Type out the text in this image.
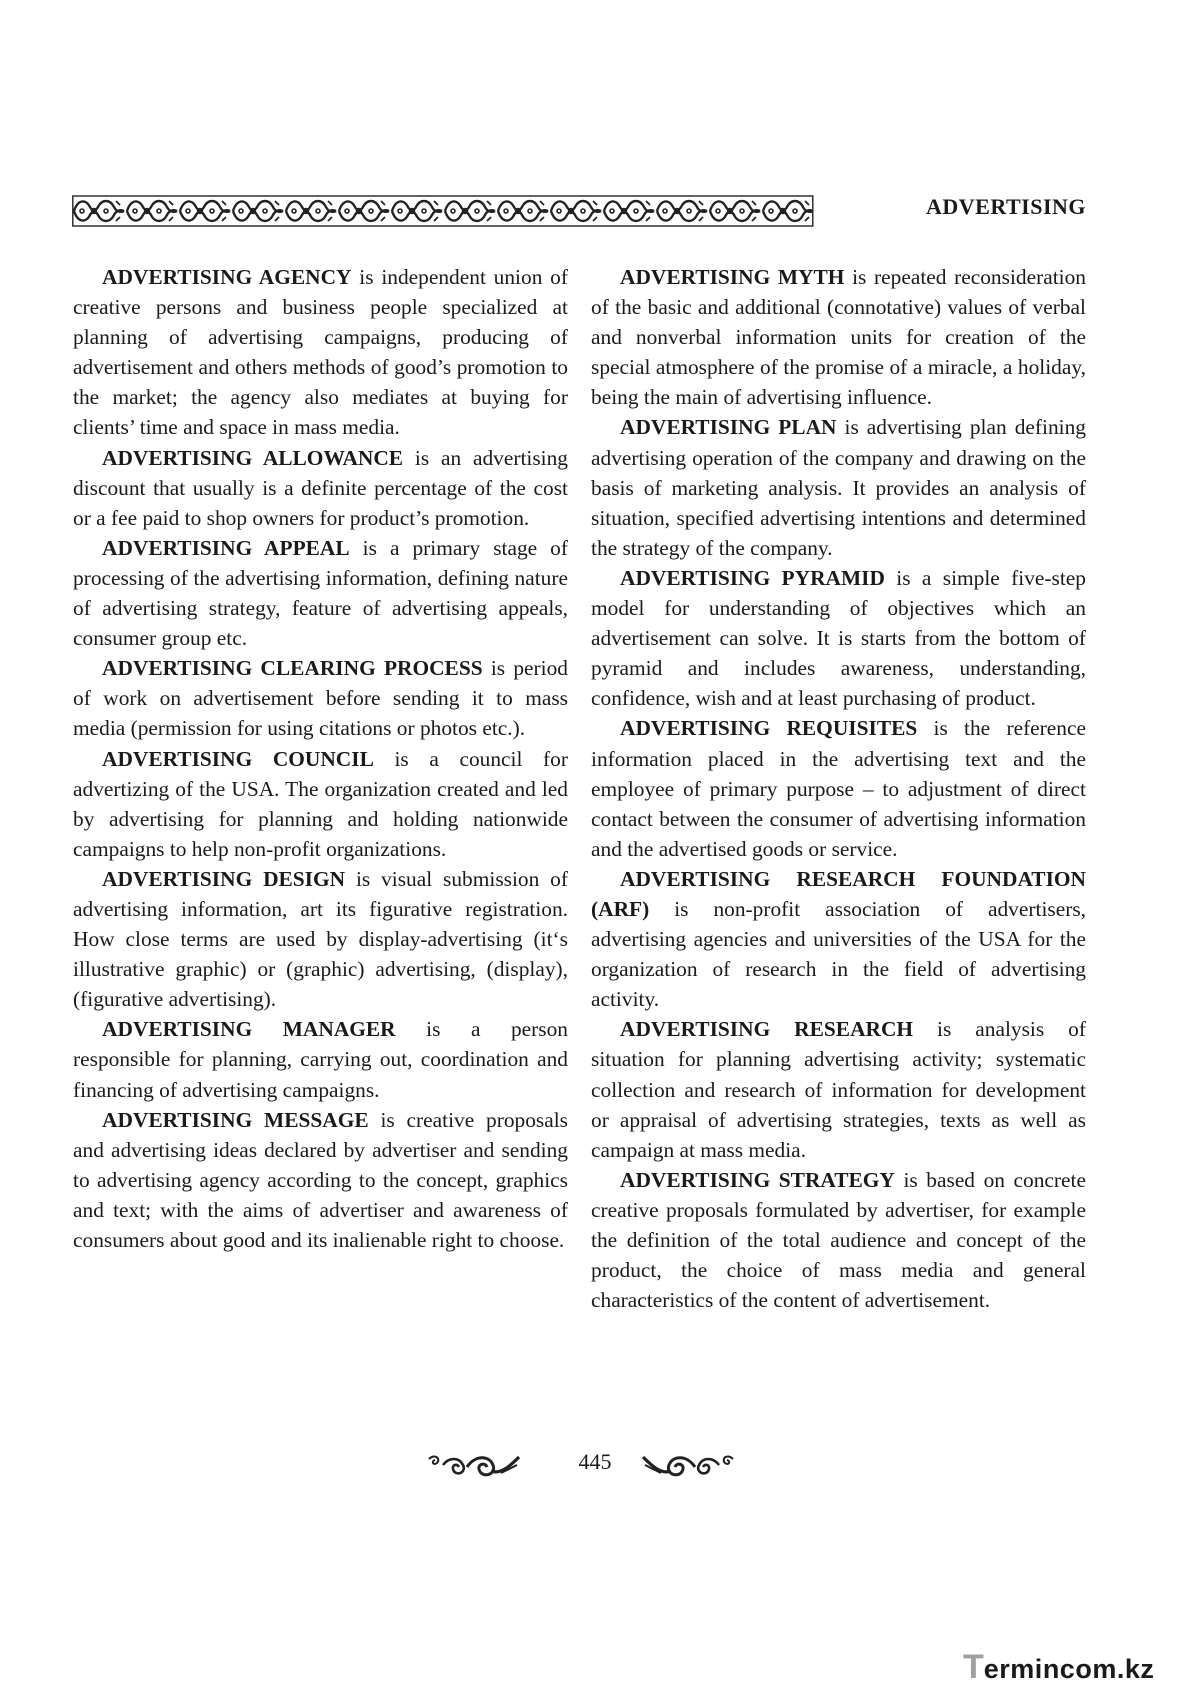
ADVERTISING

ADVERTISING AGENCY is independent union of creative persons and business people specialized at planning of advertising campaigns, producing of advertisement and others methods of good’s promotion to the market; the agency also mediates at buying for clients’ time and space in mass media.

ADVERTISING ALLOWANCE is an advertising discount that usually is a definite percentage of the cost or a fee paid to shop owners for product’s promotion.

ADVERTISING APPEAL is a primary stage of processing of the advertising information, defining nature of advertising strategy, feature of advertising appeals, consumer group etc.

ADVERTISING CLEARING PROCESS is period of work on advertisement before sending it to mass media (permission for using citations or photos etc.).

ADVERTISING COUNCIL is a council for advertizing of the USA. The organization created and led by advertising for planning and holding nationwide campaigns to help non-profit organizations.

ADVERTISING DESIGN is visual submission of advertising information, art its figurative registration. How close terms are used by display-advertising (it‘s illustrative graphic) or (graphic) advertising, (display), (figurative advertising).

ADVERTISING MANAGER is a person responsible for planning, carrying out, coordination and financing of advertising campaigns.

ADVERTISING MESSAGE is creative proposals and advertising ideas declared by advertiser and sending to advertising agency according to the concept, graphics and text; with the aims of advertiser and awareness of consumers about good and its inalienable right to choose.

ADVERTISING MYTH is repeated reconsideration of the basic and additional (connotative) values of verbal and nonverbal information units for creation of the special atmosphere of the promise of a miracle, a holiday, being the main of advertising influence.

ADVERTISING PLAN is advertising plan defining advertising operation of the company and drawing on the basis of marketing analysis. It provides an analysis of situation, specified advertising intentions and determined the strategy of the company.

ADVERTISING PYRAMID is a simple five-step model for understanding of objectives which an advertisement can solve. It is starts from the bottom of pyramid and includes awareness, understanding, confidence, wish and at least purchasing of product.

ADVERTISING REQUISITES is the reference information placed in the advertising text and the employee of primary purpose – to adjustment of direct contact between the consumer of advertising information and the advertised goods or service.

ADVERTISING RESEARCH FOUNDATION (ARF) is non-profit association of advertisers, advertising agencies and universities of the USA for the organization of research in the field of advertising activity.

ADVERTISING RESEARCH is analysis of situation for planning advertising activity; systematic collection and research of information for development or appraisal of advertising strategies, texts as well as campaign at mass media.

ADVERTISING STRATEGY is based on concrete creative proposals formulated by advertiser, for example the definition of the total audience and concept of the product, the choice of mass media and general characteristics of the content of advertisement.

445
T ermincom.kz
